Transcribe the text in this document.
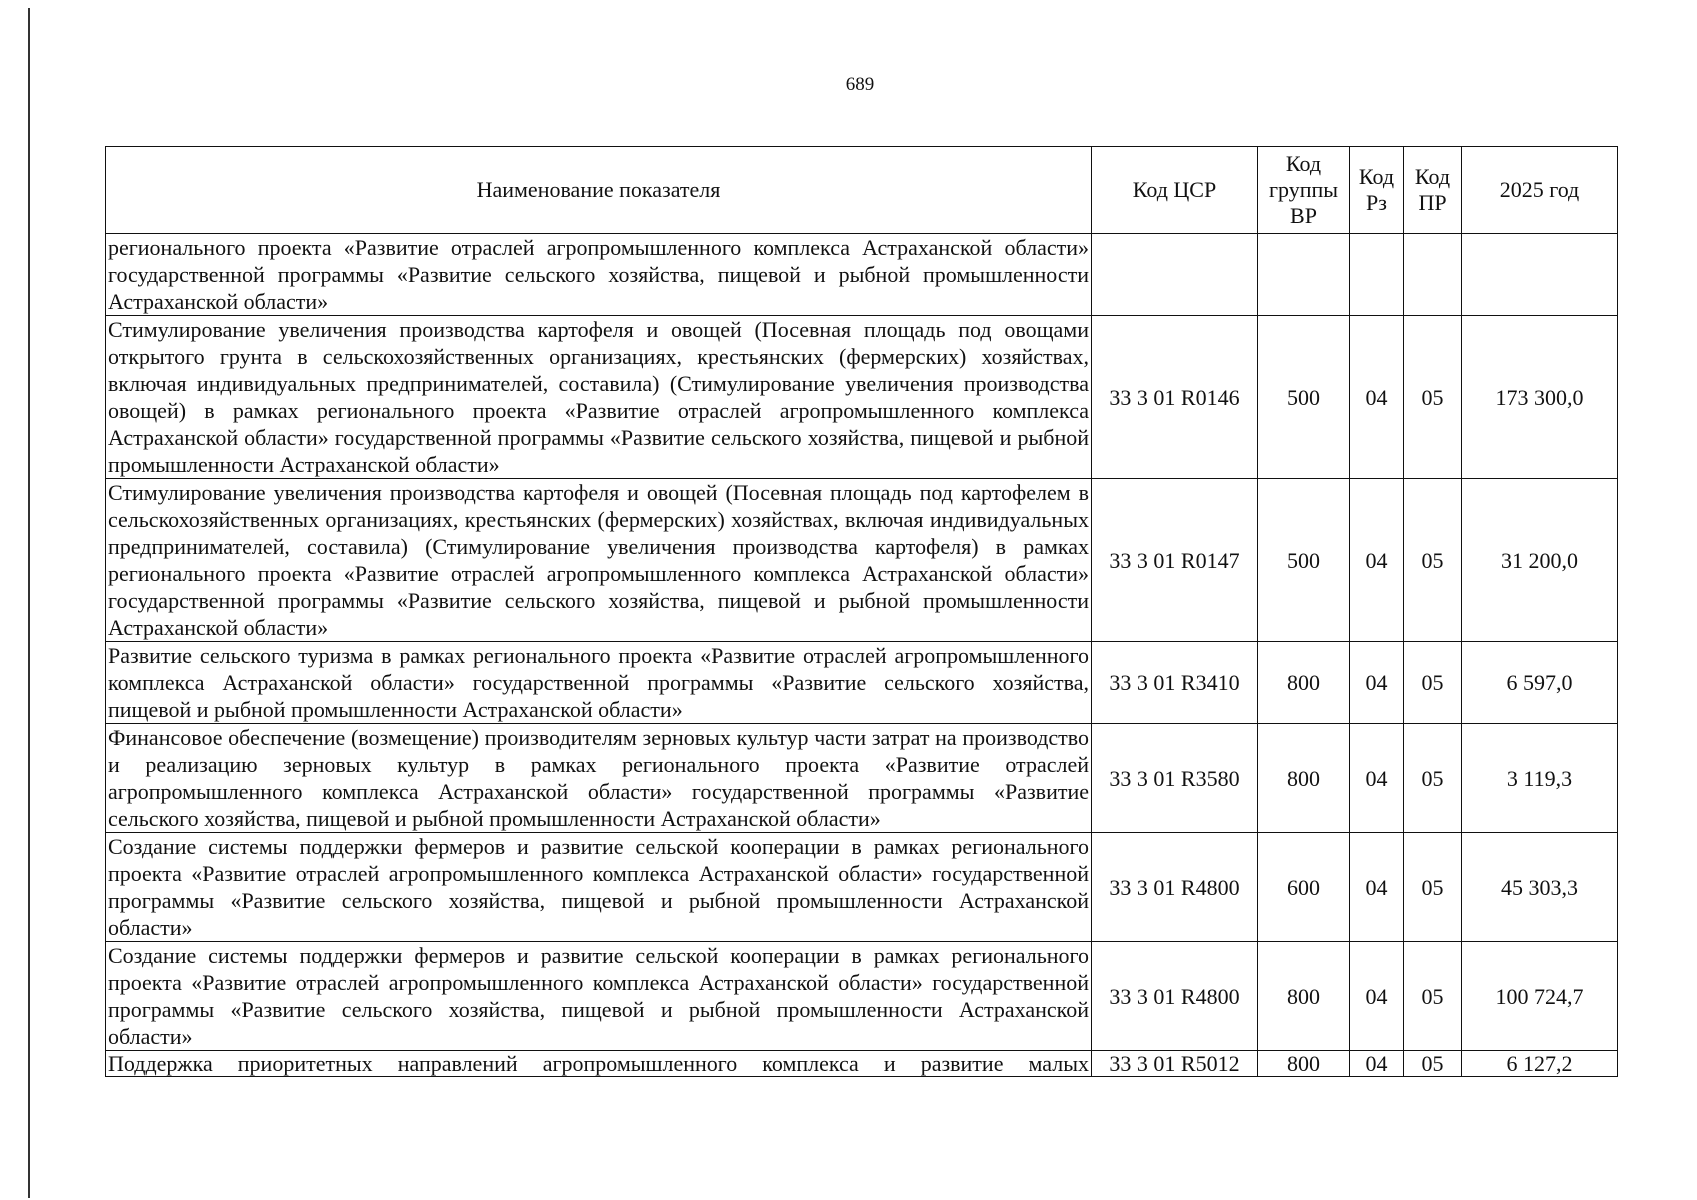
689
Наименование показателя	Код ЦСР	Код группы ВР	Код Рз	Код ПР	2025 год
регионального проекта «Развитие отраслей агропромышленного комплекса Астраханской области» государственной программы «Развитие сельского хозяйства, пищевой и рыбной промышленности Астраханской области»					
Стимулирование увеличения производства картофеля и овощей (Посевная площадь под овощами открытого грунта в сельскохозяйственных организациях, крестьянских (фермерских) хозяйствах, включая индивидуальных предпринимателей, составила) (Стимулирование увеличения производства овощей) в рамках регионального проекта «Развитие отраслей агропромышленного комплекса Астраханской области» государственной программы «Развитие сельского хозяйства, пищевой и рыбной промышленности Астраханской области»	33 3 01 R0146	500	04	05	173 300,0
Стимулирование увеличения производства картофеля и овощей (Посевная площадь под картофелем в сельскохозяйственных организациях, крестьянских (фермерских) хозяйствах, включая индивидуальных предпринимателей, составила) (Стимулирование увеличения производства картофеля) в рамках регионального проекта «Развитие отраслей агропромышленного комплекса Астраханской области» государственной программы «Развитие сельского хозяйства, пищевой и рыбной промышленности Астраханской области»	33 3 01 R0147	500	04	05	31 200,0
Развитие сельского туризма в рамках регионального проекта «Развитие отраслей агропромышленного комплекса Астраханской области» государственной программы «Развитие сельского хозяйства, пищевой и рыбной промышленности Астраханской области»	33 3 01 R3410	800	04	05	6 597,0
Финансовое обеспечение (возмещение) производителям зерновых культур части затрат на производство и реализацию зерновых культур в рамках регионального проекта «Развитие отраслей агропромышленного комплекса Астраханской области» государственной программы «Развитие сельского хозяйства, пищевой и рыбной промышленности Астраханской области»	33 3 01 R3580	800	04	05	3 119,3
Создание системы поддержки фермеров и развитие сельской кооперации в рамках регионального проекта «Развитие отраслей агропромышленного комплекса Астраханской области» государственной программы «Развитие сельского хозяйства, пищевой и рыбной промышленности Астраханской области»	33 3 01 R4800	600	04	05	45 303,3
Создание системы поддержки фермеров и развитие сельской кооперации в рамках регионального проекта «Развитие отраслей агропромышленного комплекса Астраханской области» государственной программы «Развитие сельского хозяйства, пищевой и рыбной промышленности Астраханской области»	33 3 01 R4800	800	04	05	100 724,7
Поддержка приоритетных направлений агропромышленного комплекса и развитие малых	33 3 01 R5012	800	04	05	6 127,2
